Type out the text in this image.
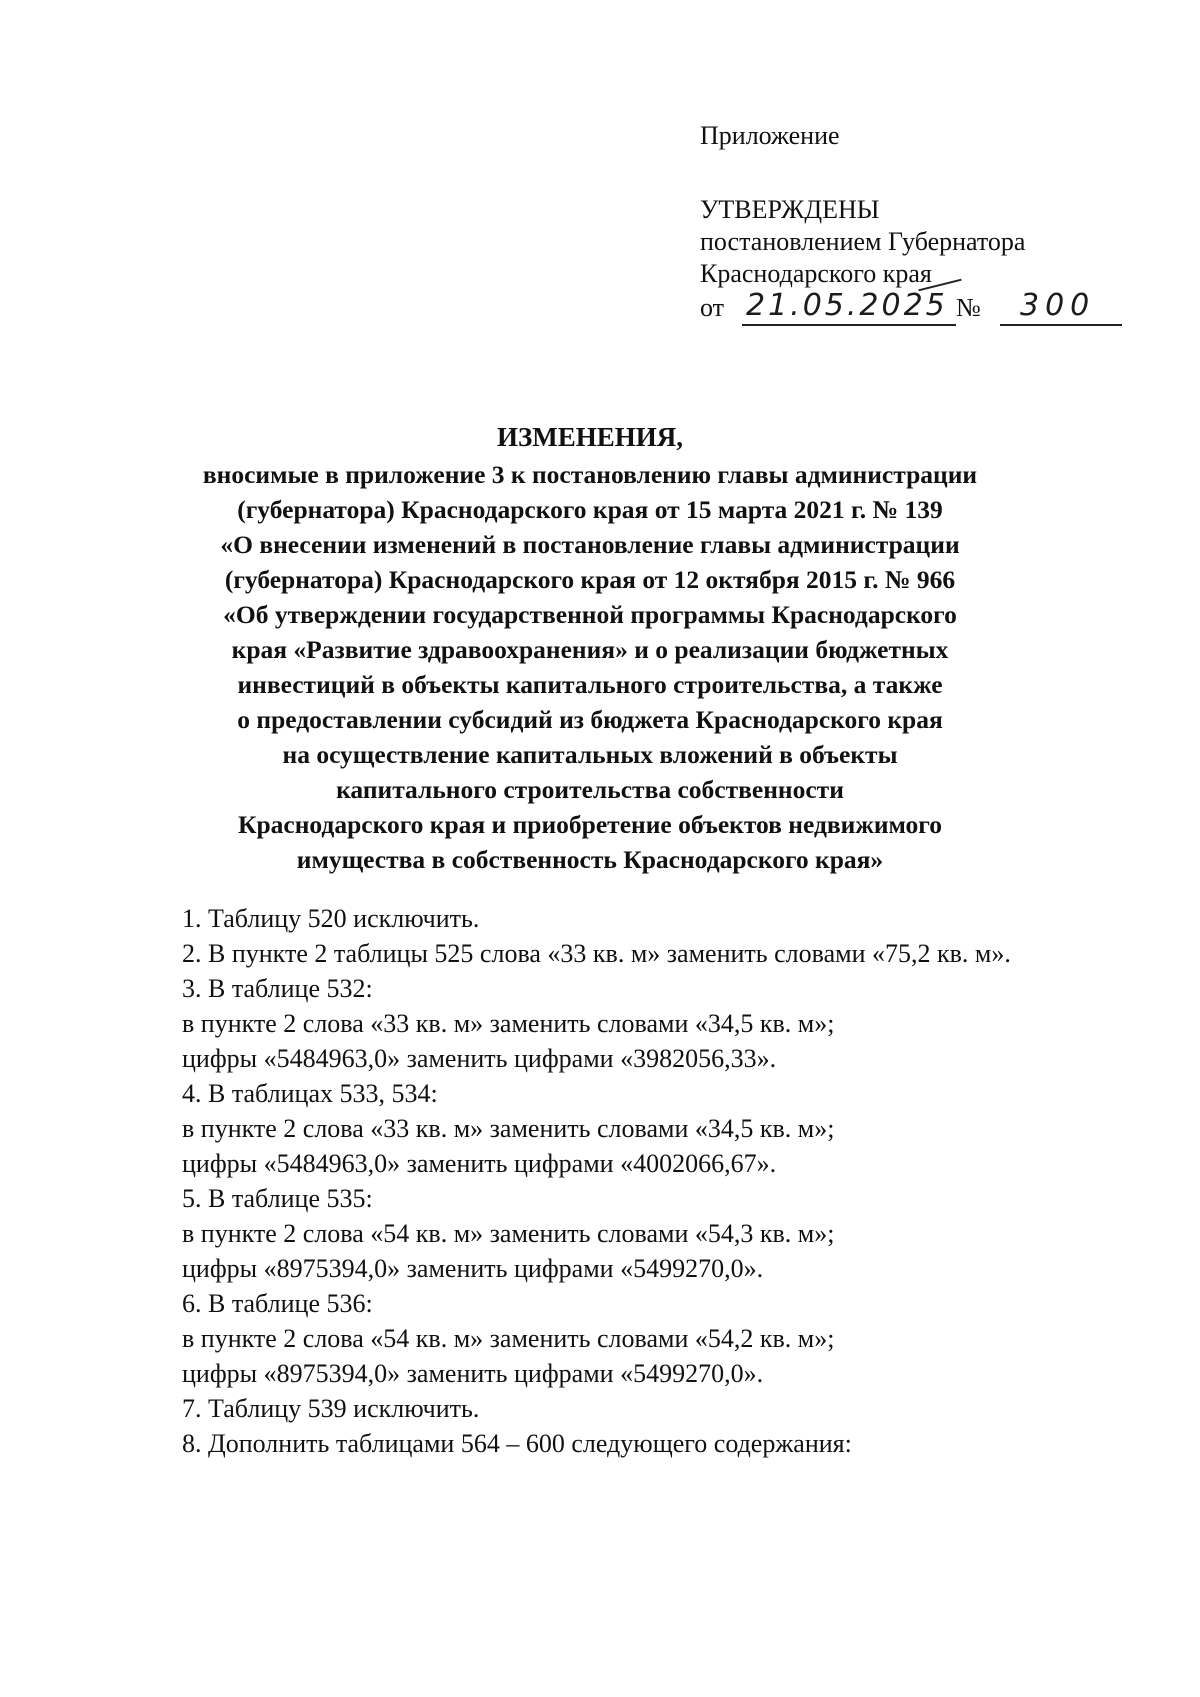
Приложение
УТВЕРЖДЕНЫ
постановлением Губернатора
Краснодарского края
от 21.05.2025 № 300
ИЗМЕНЕНИЯ,
вносимые в приложение 3 к постановлению главы администрации
(губернатора) Краснодарского края от 15 марта 2021 г. № 139
«О внесении изменений в постановление главы администрации
(губернатора) Краснодарского края от 12 октября 2015 г. № 966
«Об утверждении государственной программы Краснодарского
края «Развитие здравоохранения» и о реализации бюджетных
инвестиций в объекты капитального строительства, а также
о предоставлении субсидий из бюджета Краснодарского края
на осуществление капитальных вложений в объекты
капитального строительства собственности
Краснодарского края и приобретение объектов недвижимого
имущества в собственность Краснодарского края»
1. Таблицу 520 исключить.
2. В пункте 2 таблицы 525 слова «33 кв. м» заменить словами «75,2 кв. м».
3. В таблице 532:
в пункте 2 слова «33 кв. м» заменить словами «34,5 кв. м»;
цифры «5484963,0» заменить цифрами «3982056,33».
4. В таблицах 533, 534:
в пункте 2 слова «33 кв. м» заменить словами «34,5 кв. м»;
цифры «5484963,0» заменить цифрами «4002066,67».
5. В таблице 535:
в пункте 2 слова «54 кв. м» заменить словами «54,3 кв. м»;
цифры «8975394,0» заменить цифрами «5499270,0».
6. В таблице 536:
в пункте 2 слова «54 кв. м» заменить словами «54,2 кв. м»;
цифры «8975394,0» заменить цифрами «5499270,0».
7. Таблицу 539 исключить.
8. Дополнить таблицами 564 – 600 следующего содержания:
